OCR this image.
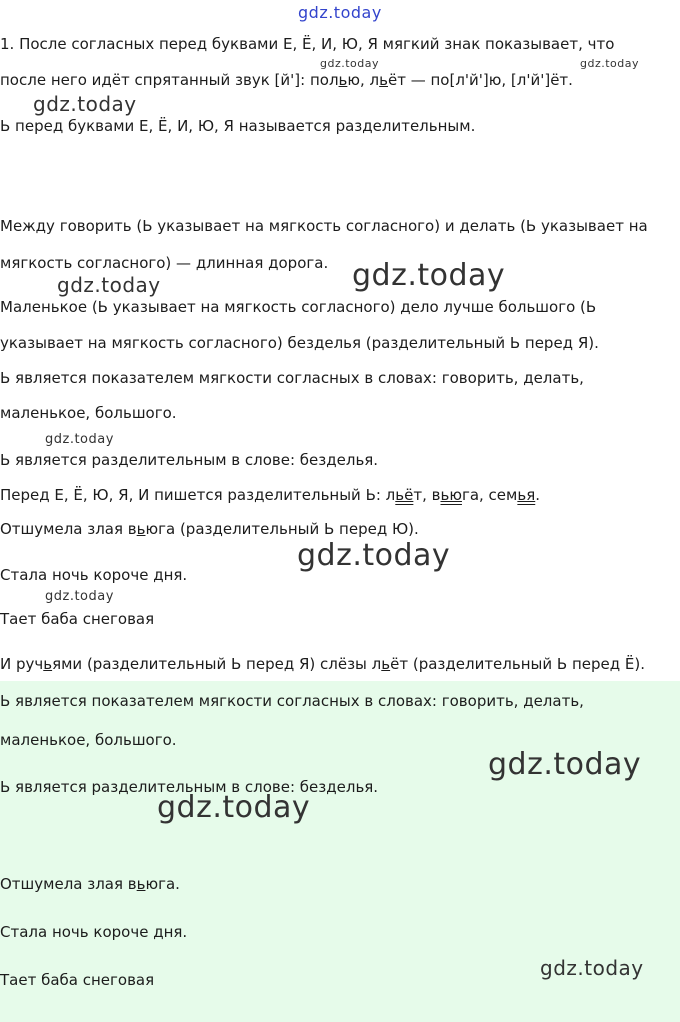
gdz.today
1. После согласных перед буквами Е, Ё, И, Ю, Я мягкий знак показывает, что
после него идёт спрятанный звук [й']: полью, льёт — по[л'й']ю, [л'й']ёт.
Ь перед буквами Е, Ё, И, Ю, Я называется разделительным.
Между говорить (Ь указывает на мягкость согласного) и делать (Ь указывает на
мягкость согласного) — длинная дорога.
Маленькое (Ь указывает на мягкость согласного) дело лучше большого (Ь
указывает на мягкость согласного) безделья (разделительный Ь перед Я).
Ь является показателем мягкости согласных в словах: говорить, делать,
маленькое, большого.
Ь является разделительным в слове: безделья.
Перед Е, Ё, Ю, Я, И пишется разделительный Ь: льёт, вьюга, семья.
Отшумела злая вьюга (разделительный Ь перед Ю).
Стала ночь короче дня.
Тает баба снеговая
И ручьями (разделительный Ь перед Я) слёзы льёт (разделительный Ь перед Ё).
Ь является показателем мягкости согласных в словах: говорить, делать,
маленькое, большого.
Ь является разделительным в слове: безделья.
Отшумела злая вьюга.
Стала ночь короче дня.
Тает баба снеговая
gdz.today	gdz.today
gdz.today
gdz.today
gdz.today
gdz.today
gdz.today
gdz.today
gdz.today
gdz.today
gdz.today
